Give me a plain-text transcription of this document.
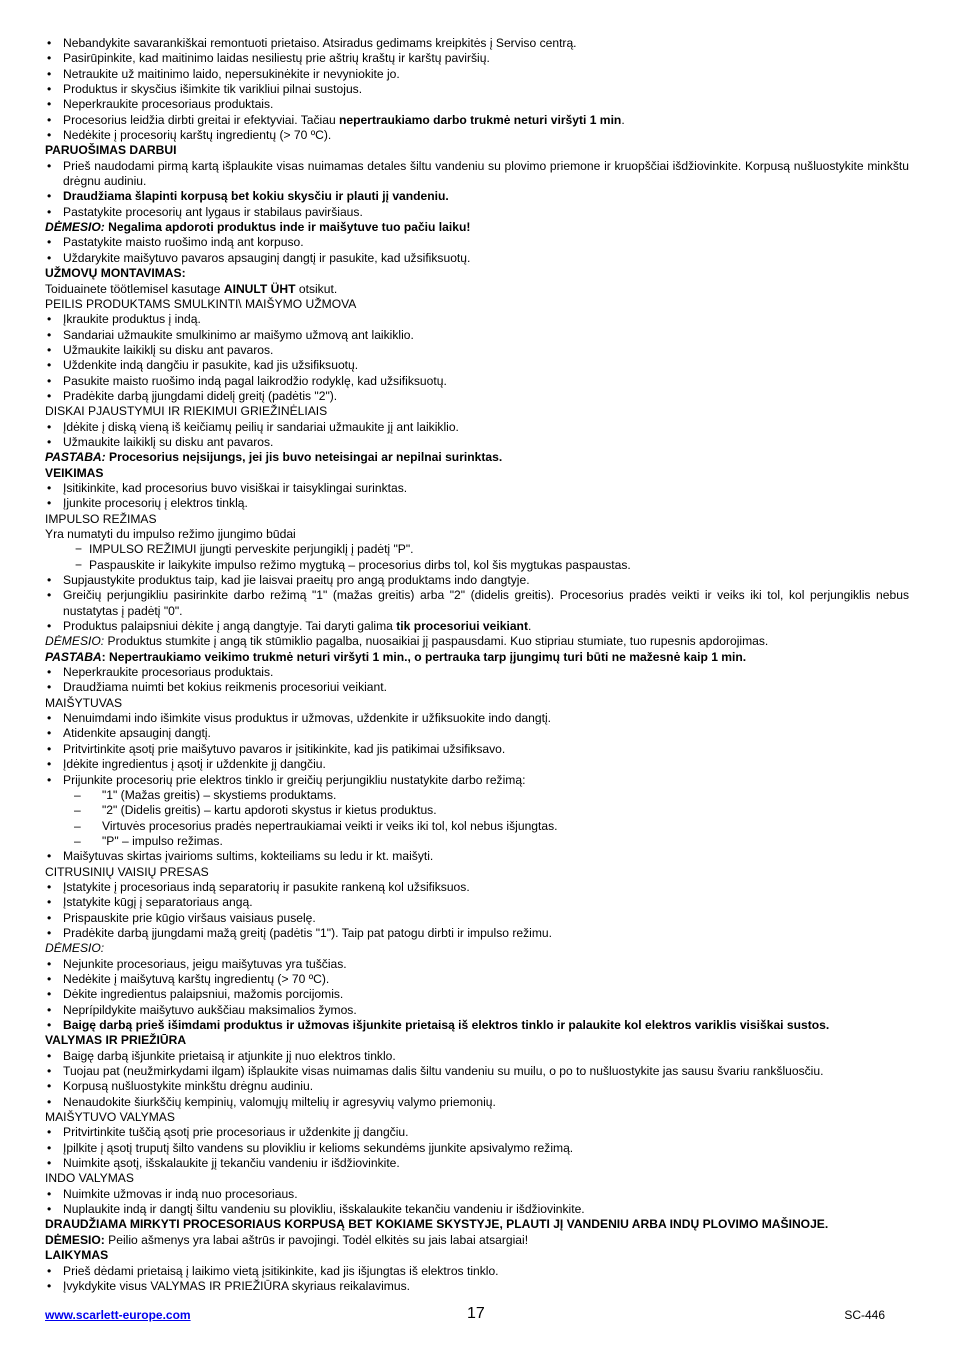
• Nebandykite savarankiškai remontuoti prietaiso. Atsiradus gedimams kreipkitės į Serviso centrą.
• Pasirūpinkite, kad maitinimo laidas nesiliestų prie aštrių kraštų ir karštų paviršių.
• Netraukite už maitinimo laido, nepersukinėkite ir nevyniokite jo.
• Produktus ir skysčius išimkite tik varikliui pilnai sustojus.
• Neperkraukite procesoriaus produktais.
• Procesorius leidžia dirbti greitai ir efektyviai. Tačiau nepertraukiamo darbo trukmė neturi viršyti 1 min.
• Nedėkite į procesorių karštų ingredientų (> 70 ºC).
PARUOŠIMAS DARBUI
• Prieš naudodami pirmą kartą išplaukite visas nuimamas detales šiltu vandeniu su plovimo priemone ir kruopščiai išdžiovinkite. Korpusą nušluostykite minkštu drėgnu audiniu.
• Draudžiama šlapinti korpusą bet kokiu skysčiu ir plauti jį vandeniu.
• Pastatykite procesorių ant lygaus ir stabilaus paviršiaus.
DĖMESIO: Negalima apdoroti produktus inde ir maišytuve tuo pačiu laiku!
• Pastatykite maisto ruošimo indą ant korpuso.
• Uždarykite maišytuvo pavaros apsauginį dangtį ir pasukite, kad užsifiksuotų.
UŽMOVŲ MONTAVIMAS:
Toiduainete töötlemisel kasutage AINULT ÜHT otsikut.
PEILIS PRODUKTAMS SMULKINTI\ MAIŠYMO UŽMOVA
• Įkraukite produktus į indą.
• Sandariai užmaukite smulkinimo ar maišymo užmovą ant laikiklio.
• Užmaukite laikiklį su disku ant pavaros.
• Uždenkite indą dangčiu ir pasukite, kad jis užsifiksuotų.
• Pasukite maisto ruošimo indą pagal laikrodžio rodyklę, kad užsifiksuotų.
• Pradėkite darbą įjungdami didelį greitį (padėtis "2").
DISKAI PJAUSTYMUI IR RIEKIMUI GRIEŽINĖLIAIS
• Įdėkite į diską vieną iš keičiamų peilių ir sandariai užmaukite jį ant laikiklio.
• Užmaukite laikiklį su disku ant pavaros.
PASTABA: Procesorius neįsijungs, jei jis buvo neteisingai ar nepilnai surinktas.
VEIKIMAS
• Įsitikinkite, kad procesorius buvo visiškai ir taisyklingai surinktas.
• Įjunkite procesorių į elektros tinklą.
IMPULSO REŽIMAS
Yra numatyti du impulso režimo įjungimo būdai
− IMPULSO REŽIMUI įjungti perveskite perjungiklį į padėtį "P".
− Paspauskite ir laikykite impulso režimo mygtuką – procesorius dirbs tol, kol šis mygtukas paspaustas.
• Supjaustykite produktus taip, kad jie laisvai praeitų pro angą produktams indo dangtyje.
• Greičių perjungikliu pasirinkite darbo režimą "1" (mažas greitis) arba "2" (didelis greitis). Procesorius pradės veikti ir veiks iki tol, kol perjungiklis nebus nustatytas į padėtį "0".
• Produktus palaipsniui dėkite į angą dangtyje. Tai daryti galima tik procesoriui veikiant.
DĖMESIO: Produktus stumkite į angą tik stūmiklio pagalba, nuosaikiai jį paspausdami. Kuo stipriau stumiate, tuo rupesnis apdorojimas.
PASTABA: Nepertraukiamo veikimo trukmė neturi viršyti 1 min., o pertrauka tarp įjungimų turi būti ne mažesnė kaip 1 min.
• Neperkraukite procesoriaus produktais.
• Draudžiama nuimti bet kokius reikmenis procesoriui veikiant.
MAIŠYTUVAS
• Nenuimdami indo išimkite visus produktus ir užmovas, uždenkite ir užfiksuokite indo dangtį.
• Atidenkite apsauginį dangtį.
• Pritvirtinkite ąsotį prie maišytuvo pavaros ir įsitikinkite, kad jis patikimai užsifiksavo.
• Įdėkite ingredientus į ąsotį ir uždenkite jį dangčiu.
• Prijunkite procesorių prie elektros tinklo ir greičių perjungikliu nustatykite darbo režimą:
– "1" (Mažas greitis) – skystiems produktams.
– "2" (Didelis greitis) – kartu apdoroti skystus ir kietus produktus.
– Virtuvės procesorius pradės nepertraukiamai veikti ir veiks iki tol, kol nebus išjungtas.
– "P" – impulso režimas.
• Maišytuvas skirtas įvairioms sultims, kokteiliams su ledu ir kt. maišyti.
CITRUSINIŲ VAISIŲ PRESAS
• Įstatykite į procesoriaus indą separatorių ir pasukite rankeną kol užsifiksuos.
• Įstatykite kūgį į separatoriaus angą.
• Prispauskite prie kūgio viršaus vaisiaus puselę.
• Pradėkite darbą įjungdami mažą greitį (padėtis "1"). Taip pat patogu dirbti ir impulso režimu.
DĖMESIO:
• Nejunkite procesoriaus, jeigu maišytuvas yra tuščias.
• Nedėkite į maišytuvą karštų ingredientų (> 70 ºC).
• Dėkite ingredientus palaipsniui, mažomis porcijomis.
• Neprípildykite maišytuvo aukščiau maksimalios žymos.
• Baigę darbą prieš išimdami produktus ir užmovas išjunkite prietaisą iš elektros tinklo ir palaukite kol elektros variklis visiškai sustos.
VALYMAS IR PRIEŽIŪRA
• Baigę darbą išjunkite prietaisą ir atjunkite jį nuo elektros tinklo.
• Tuojau pat (neužmirkydami ilgam) išplaukite visas nuimamas dalis šiltu vandeniu su muilu, o po to nušluostykite jas sausu švariu rankšluosčiu.
• Korpusą nušluostykite minkštu drėgnu audiniu.
• Nenaudokite šiurkščių kempinių, valomųjų miltelių ir agresyvių valymo priemonių.
MAIŠYTUVO VALYMAS
• Pritvirtinkite tuščią ąsotį prie procesoriaus ir uždenkite jį dangčiu.
• Įpilkite į ąsotį truputį šilto vandens su plovikliu ir kelioms sekundėms įjunkite apsivalymo režimą.
• Nuimkite ąsotį, išskalaukite jį tekančiu vandeniu ir išdžiovinkite.
INDO VALYMAS
• Nuimkite užmovas ir indą nuo procesoriaus.
• Nuplaukite indą ir dangtį šiltu vandeniu su plovikliu, išskalaukite tekančiu vandeniu ir išdžiovinkite.
DRAUDŽIAMA MIRKYTI PROCESORIAUS KORPUSĄ BET KOKIAME SKYSTYJE, PLAUTI JĮ VANDENIU ARBA INDŲ PLOVIMO MAŠINOJE.
DĖMESIO: Peilio ašmenys yra labai aštrūs ir pavojingi. Todėl elkitės su jais labai atsargiai!
LAIKYMAS
• Prieš dėdami prietaisą į laikimo vietą įsitikinkite, kad jis išjungtas iš elektros tinklo.
• Įvykdykite visus VALYMAS IR PRIEŽIŪRA skyriaus reikalavimus.
www.scarlett-europe.com	17	SC-446
